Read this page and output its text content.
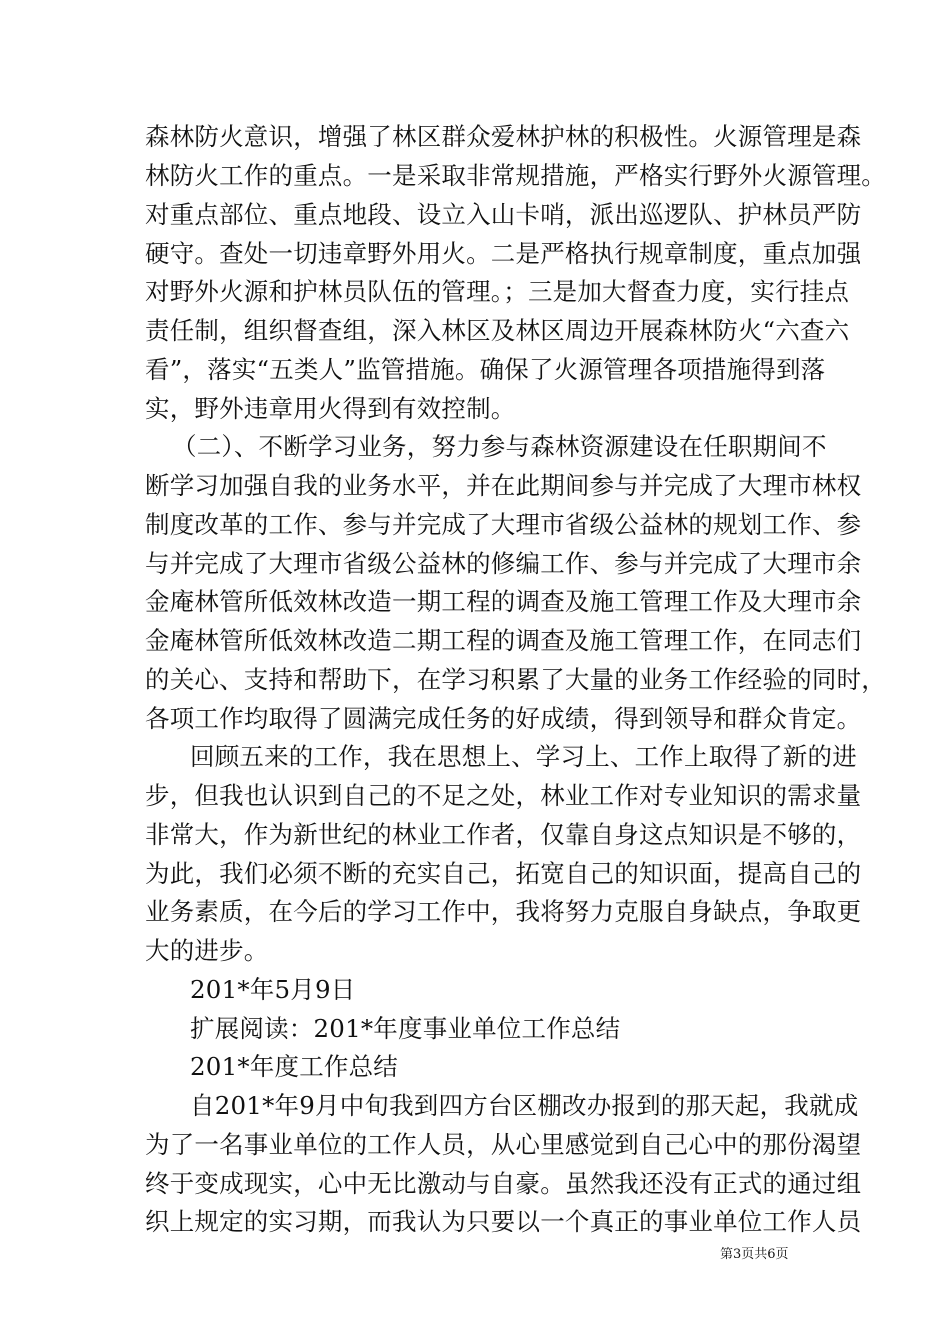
森林防火意识，增强了林区群众爱林护林的积极性。火源管理是森
林防火工作的重点。一是采取非常规措施，严格实行野外火源管理。
对重点部位、重点地段、设立入山卡哨，派出巡逻队、护林员严防
硬守。查处一切违章野外用火。二是严格执行规章制度，重点加强
对野外火源和护林员队伍的管理。；三是加大督查力度，实行挂点
责任制，组织督查组，深入林区及林区周边开展森林防火“六查六
看”，落实“五类人”监管措施。确保了火源管理各项措施得到落
实，野外违章用火得到有效控制。
（二）、不断学习业务，努力参与森林资源建设在任职期间不
断学习加强自我的业务水平，并在此期间参与并完成了大理市林权
制度改革的工作、参与并完成了大理市省级公益林的规划工作、参
与并完成了大理市省级公益林的修编工作、参与并完成了大理市余
金庵林管所低效林改造一期工程的调查及施工管理工作及大理市余
金庵林管所低效林改造二期工程的调查及施工管理工作，在同志们
的关心、支持和帮助下，在学习积累了大量的业务工作经验的同时，
各项工作均取得了圆满完成任务的好成绩，得到领导和群众肯定。
回顾五来的工作，我在思想上、学习上、工作上取得了新的进
步，但我也认识到自己的不足之处，林业工作对专业知识的需求量
非常大，作为新世纪的林业工作者，仅靠自身这点知识是不够的，
为此，我们必须不断的充实自己，拓宽自己的知识面，提高自己的
业务素质，在今后的学习工作中，我将努力克服自身缺点，争取更
大的进步。
201*年5月9日
扩展阅读：201*年度事业单位工作总结
201*年度工作总结
自201*年9月中旬我到四方台区棚改办报到的那天起，我就成
为了一名事业单位的工作人员，从心里感觉到自己心中的那份渴望
终于变成现实，心中无比激动与自豪。虽然我还没有正式的通过组
织上规定的实习期，而我认为只要以一个真正的事业单位工作人员
第3页共6页
